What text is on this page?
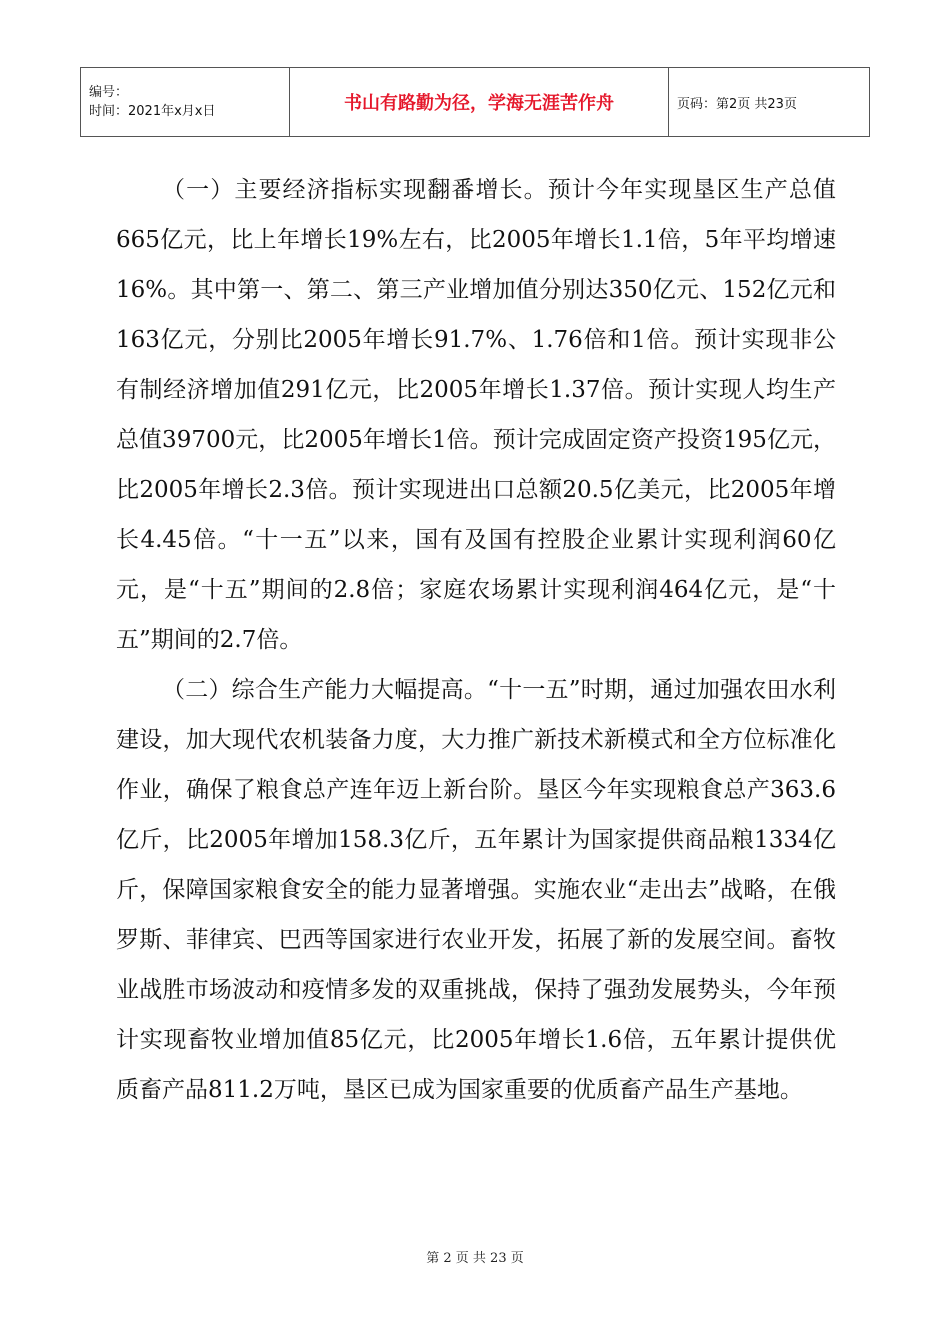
编号：
时间：2021年x月x日	书山有路勤为径，学海无涯苦作舟	页码：第2页 共23页

（一）主要经济指标实现翻番增长。预计今年实现垦区生产总值665亿元，比上年增长19%左右，比2005年增长1.1倍，5年平均增速16%。其中第一、第二、第三产业增加值分别达350亿元、152亿元和163亿元，分别比2005年增长91.7%、1.76倍和1倍。预计实现非公有制经济增加值291亿元，比2005年增长1.37倍。预计实现人均生产总值39700元，比2005年增长1倍。预计完成固定资产投资195亿元，比2005年增长2.3倍。预计实现进出口总额20.5亿美元，比2005年增长4.45倍。“十一五”以来，国有及国有控股企业累计实现利润60亿元，是“十五”期间的2.8倍；家庭农场累计实现利润464亿元，是“十五”期间的2.7倍。

（二）综合生产能力大幅提高。“十一五”时期，通过加强农田水利建设，加大现代农机装备力度，大力推广新技术新模式和全方位标准化作业，确保了粮食总产连年迈上新台阶。垦区今年实现粮食总产363.6亿斤，比2005年增加158.3亿斤，五年累计为国家提供商品粮1334亿斤，保障国家粮食安全的能力显著增强。实施农业“走出去”战略，在俄罗斯、菲律宾、巴西等国家进行农业开发，拓展了新的发展空间。畜牧业战胜市场波动和疫情多发的双重挑战，保持了强劲发展势头，今年预计实现畜牧业增加值85亿元，比2005年增长1.6倍，五年累计提供优质畜产品811.2万吨，垦区已成为国家重要的优质畜产品生产基地。

第 2 页 共 23 页
